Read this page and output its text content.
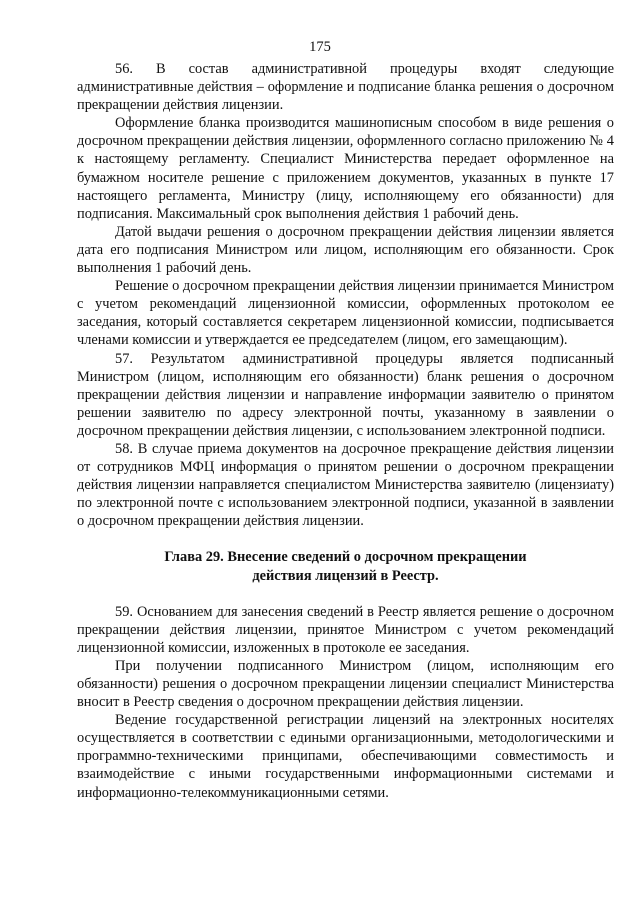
175

56. В состав административной процедуры входят следующие административные действия – оформление и подписание бланка решения о досрочном прекращении действия лицензии.

Оформление бланка производится машинописным способом в виде решения о досрочном прекращении действия лицензии, оформленного согласно приложению № 4 к настоящему регламенту. Специалист Министерства передает оформленное на бумажном носителе решение с приложением документов, указанных в пункте 17 настоящего регламента, Министру (лицу, исполняющему его обязанности) для подписания. Максимальный срок выполнения действия 1 рабочий день.

Датой выдачи решения о досрочном прекращении действия лицензии является дата его подписания Министром или лицом, исполняющим его обязанности. Срок выполнения 1 рабочий день.

Решение о досрочном прекращении действия лицензии принимается Министром с учетом рекомендаций лицензионной комиссии, оформленных протоколом ее заседания, который составляется секретарем лицензионной комиссии, подписывается членами комиссии и утверждается ее председателем (лицом, его замещающим).

57. Результатом административной процедуры является подписанный Министром (лицом, исполняющим его обязанности) бланк решения о досрочном прекращении действия лицензии и направление информации заявителю о принятом решении заявителю по адресу электронной почты, указанному в заявлении о досрочном прекращении действия лицензии, с использованием электронной подписи.

58. В случае приема документов на досрочное прекращение действия лицензии от сотрудников МФЦ информация о принятом решении о досрочном прекращении действия лицензии направляется специалистом Министерства заявителю (лицензиату) по электронной почте с использованием электронной подписи, указанной в заявлении о досрочном прекращении действия лицензии.

Глава 29. Внесение сведений о досрочном прекращении
действия лицензий в Реестр.

59. Основанием для занесения сведений в Реестр является решение о досрочном прекращении действия лицензии, принятое Министром с учетом рекомендаций лицензионной комиссии, изложенных в протоколе ее заседания.

При получении подписанного Министром (лицом, исполняющим его обязанности) решения о досрочном прекращении лицензии специалист Министерства вносит в Реестр сведения о досрочном прекращении действия лицензии.

Ведение государственной регистрации лицензий на электронных носителях осуществляется в соответствии с едиными организационными, методологическими и программно-техническими принципами, обеспечивающими совместимость и взаимодействие с иными государственными информационными системами и информационно-телекоммуникационными сетями.
